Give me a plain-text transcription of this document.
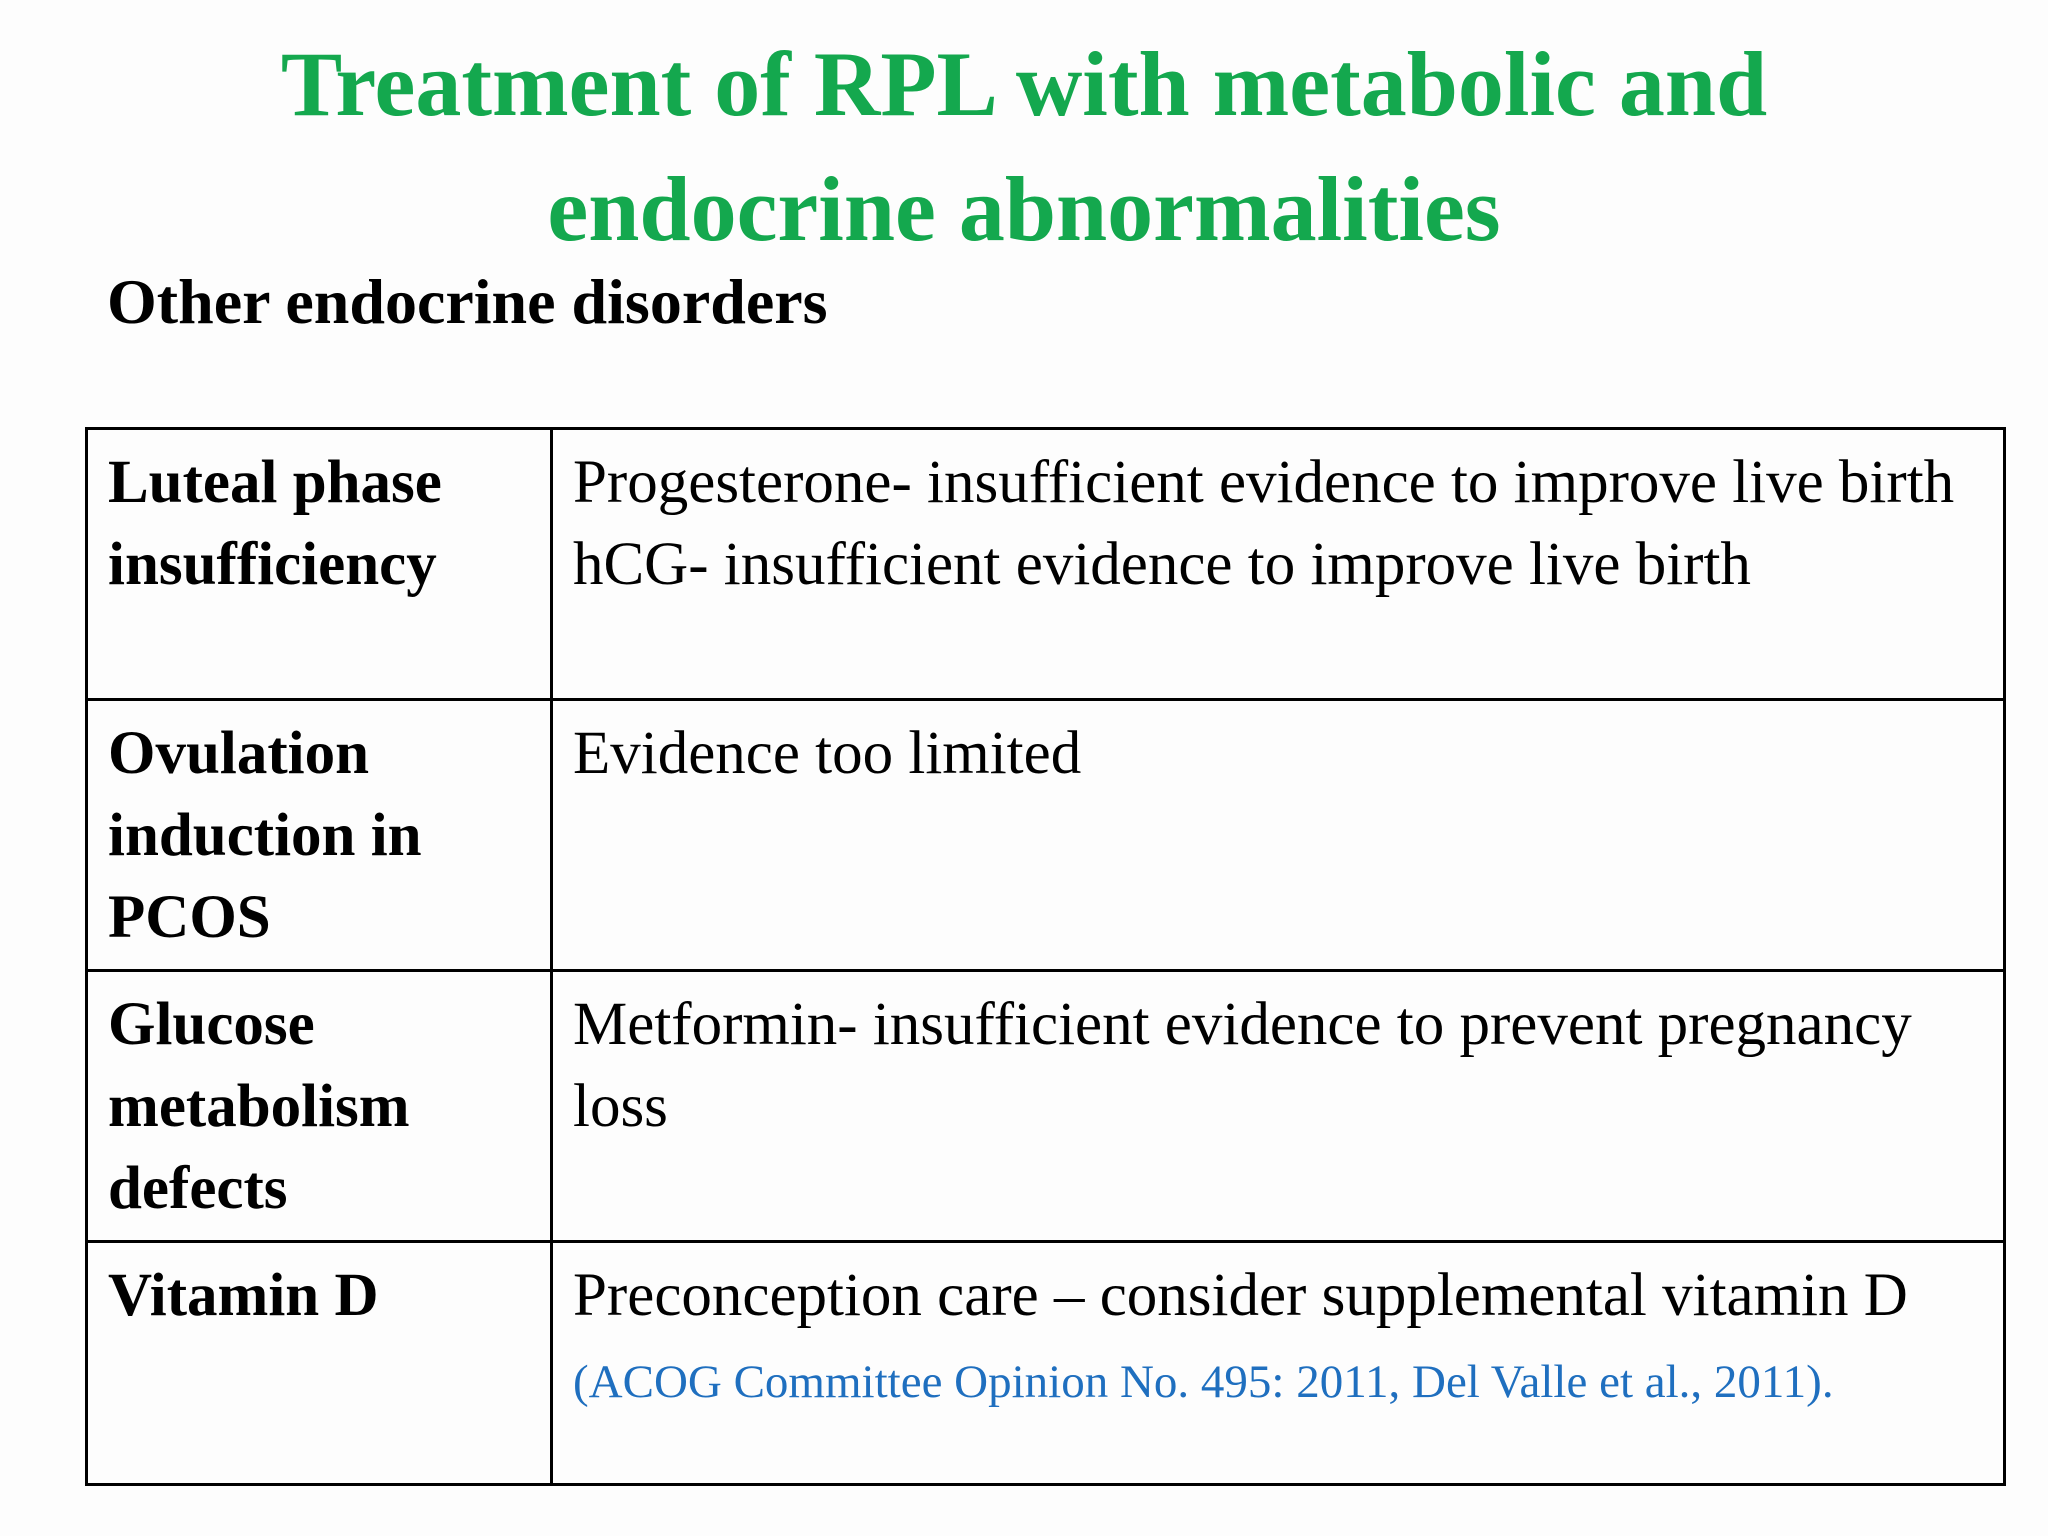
Treatment of RPL with metabolic and
endocrine abnormalities
Other endocrine disorders
Luteal phase
insufficiency	Progesterone- insufficient evidence to improve live birth
hCG- insufficient evidence to improve live birth

Ovulation
induction in
PCOS	Evidence too limited

Glucose
metabolism
defects	Metformin- insufficient evidence to prevent pregnancy loss

Vitamin D	Preconception care – consider supplemental vitamin D (ACOG Committee Opinion No. 495: 2011, Del Valle et al., 2011).
